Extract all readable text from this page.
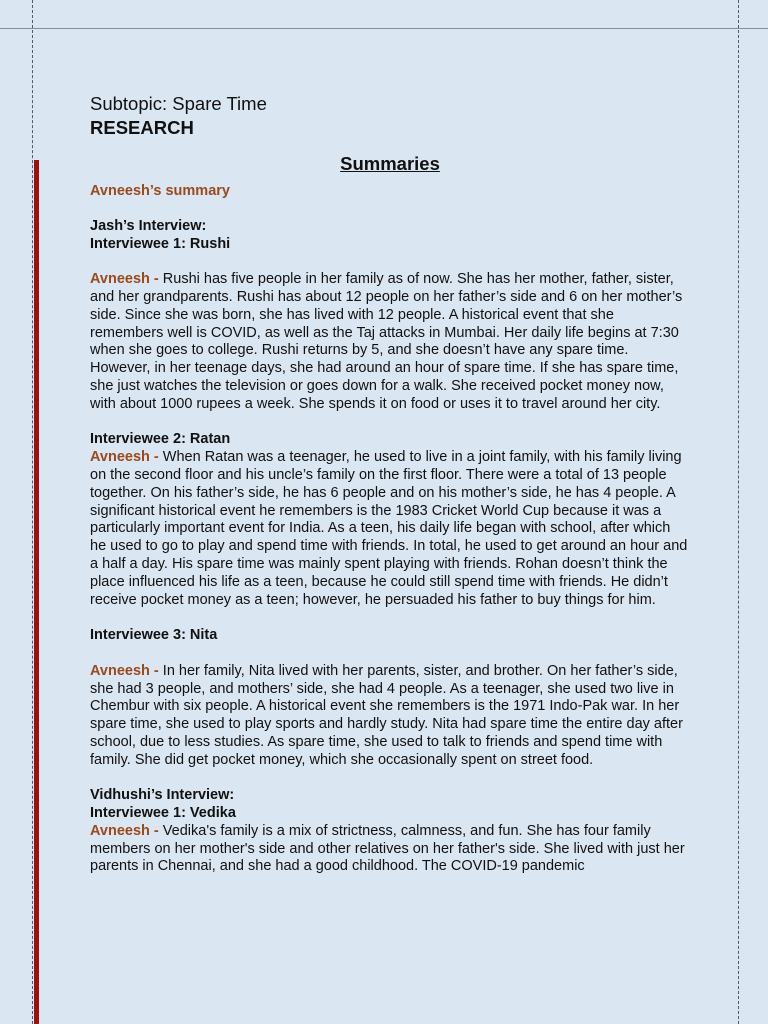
Subtopic: Spare Time
RESEARCH
Summaries
Avneesh’s summary

Jash’s Interview:

Interviewee 1: Rushi

Avneesh - Rushi has five people in her family as of now. She has her mother, father, sister, and her grandparents. Rushi has about 12 people on her father’s side and 6 on her mother’s side. Since she was born, she has lived with 12 people. A historical event that she remembers well is COVID, as well as the Taj attacks in Mumbai. Her daily life begins at 7:30 when she goes to college. Rushi returns by 5, and she doesn’t have any spare time. However, in her teenage days, she had around an hour of spare time. If she has spare time, she just watches the television or goes down for a walk. She received pocket money now, with about 1000 rupees a week. She spends it on food or uses it to travel around her city.

Interviewee 2: Ratan

Avneesh - When Ratan was a teenager, he used to live in a joint family, with his family living on the second floor and his uncle’s family on the first floor. There were a total of 13 people together. On his father’s side, he has 6 people and on his mother’s side, he has 4 people. A significant historical event he remembers is the 1983 Cricket World Cup because it was a particularly important event for India. As a teen, his daily life began with school, after which he used to go to play and spend time with friends. In total, he used to get around an hour and a half a day. His spare time was mainly spent playing with friends. Rohan doesn’t think the place influenced his life as a teen, because he could still spend time with friends. He didn’t receive pocket money as a teen; however, he persuaded his father to buy things for him.

Interviewee 3: Nita

Avneesh - In her family, Nita lived with her parents, sister, and brother. On her father’s side, she had 3 people, and mothers’ side, she had 4 people. As a teenager, she used two live in Chembur with six people. A historical event she remembers is the 1971 Indo-Pak war. In her spare time, she used to play sports and hardly study. Nita had spare time the entire day after school, due to less studies. As spare time, she used to talk to friends and spend time with family. She did get pocket money, which she occasionally spent on street food.

Vidhushi’s Interview:

Interviewee 1: Vedika

Avneesh - Vedika's family is a mix of strictness, calmness, and fun. She has four family members on her mother's side and other relatives on her father's side. She lived with just her parents in Chennai, and she had a good childhood. The COVID-19 pandemic
